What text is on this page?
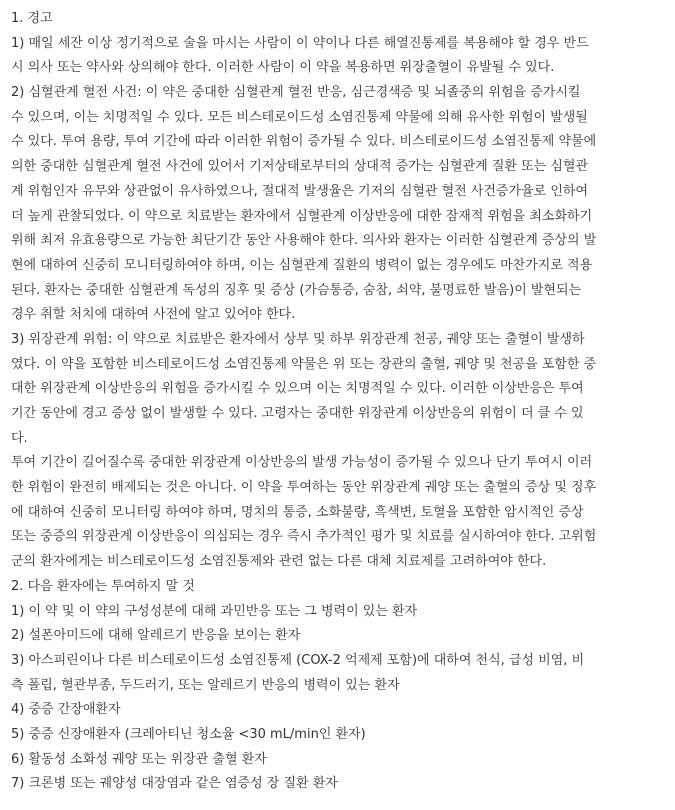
1. 경고
1) 매일 세잔 이상 정기적으로 술을 마시는 사람이 이 약이나 다른 해열진통제를 복용해야 할 경우 반드
시 의사 또는 약사와 상의해야 한다. 이러한 사람이 이 약을 복용하면 위장출혈이 유발될 수 있다.
2) 심혈관계 혈전 사건: 이 약은 중대한 심혈관계 혈전 반응, 심근경색증 및 뇌졸중의 위험을 증가시킬
수 있으며, 이는 치명적일 수 있다. 모든 비스테로이드성 소염진통제 약물에 의해 유사한 위험이 발생될
수 있다. 투여 용량, 투여 기간에 따라 이러한 위험이 증가될 수 있다. 비스테로이드성 소염진통제 약물에
의한 중대한 심혈관계 혈전 사건에 있어서 기저상태로부터의 상대적 증가는 심혈관계 질환 또는 심혈관
계 위험인자 유무와 상관없이 유사하였으나, 절대적 발생율은 기저의 심혈관 혈전 사건증가율로 인하여
더 높게 관찰되었다. 이 약으로 치료받는 환자에서 심혈관계 이상반응에 대한 잠재적 위험을 최소화하기
위해 최저 유효용량으로 가능한 최단기간 동안 사용해야 한다. 의사와 환자는 이러한 심혈관계 증상의 발
현에 대하여 신중히 모니터링하여야 하며, 이는 심혈관계 질환의 병력이 없는 경우에도 마찬가지로 적용
된다. 환자는 중대한 심혈관계 독성의 징후 및 증상 (가슴통증, 숨참, 쇠약, 불명료한 발음)이 발현되는
경우 취할 처치에 대하여 사전에 알고 있어야 한다.
3) 위장관계 위험: 이 약으로 치료받은 환자에서 상부 및 하부 위장관계 천공, 궤양 또는 출혈이 발생하
였다. 이 약을 포함한 비스테로이드성 소염진통제 약물은 위 또는 장관의 출혈, 궤양 및 천공을 포함한 중
대한 위장관계 이상반응의 위험을 증가시킬 수 있으며 이는 치명적일 수 있다. 이러한 이상반응은 투여
기간 동안에 경고 증상 없이 발생할 수 있다. 고령자는 중대한 위장관계 이상반응의 위험이 더 클 수 있
다.
투여 기간이 길어질수록 중대한 위장관계 이상반응의 발생 가능성이 증가될 수 있으나 단기 투여시 이러
한 위험이 완전히 배제되는 것은 아니다. 이 약을 투여하는 동안 위장관계 궤양 또는 출혈의 증상 및 징후
에 대하여 신중히 모니터링 하여야 하며, 명치의 통증, 소화불량, 흑색변, 토혈을 포함한 암시적인 증상
또는 중증의 위장관계 이상반응이 의심되는 경우 즉시 추가적인 평가 및 치료를 실시하여야 한다. 고위험
군의 환자에게는 비스테로이드성 소염진통제와 관련 없는 다른 대체 치료제를 고려하여야 한다.
2. 다음 환자에는 투여하지 말 것
1) 이 약 및 이 약의 구성성분에 대해 과민반응 또는 그 병력이 있는 환자
2) 설폰아미드에 대해 알레르기 반응을 보이는 환자
3) 아스피린이나 다른 비스테로이드성 소염진통제 (COX-2 억제제 포함)에 대하여 천식, 급성 비염, 비
측 폴립, 혈관부종, 두드러기, 또는 알레르기 반응의 병력이 있는 환자
4) 중증 간장애환자
5) 중증 신장애환자 (크레아티닌 청소율 <30 mL/min인 환자)
6) 활동성 소화성 궤양 또는 위장관 출혈 환자
7) 크론병 또는 궤양성 대장염과 같은 염증성 장 질환 환자
